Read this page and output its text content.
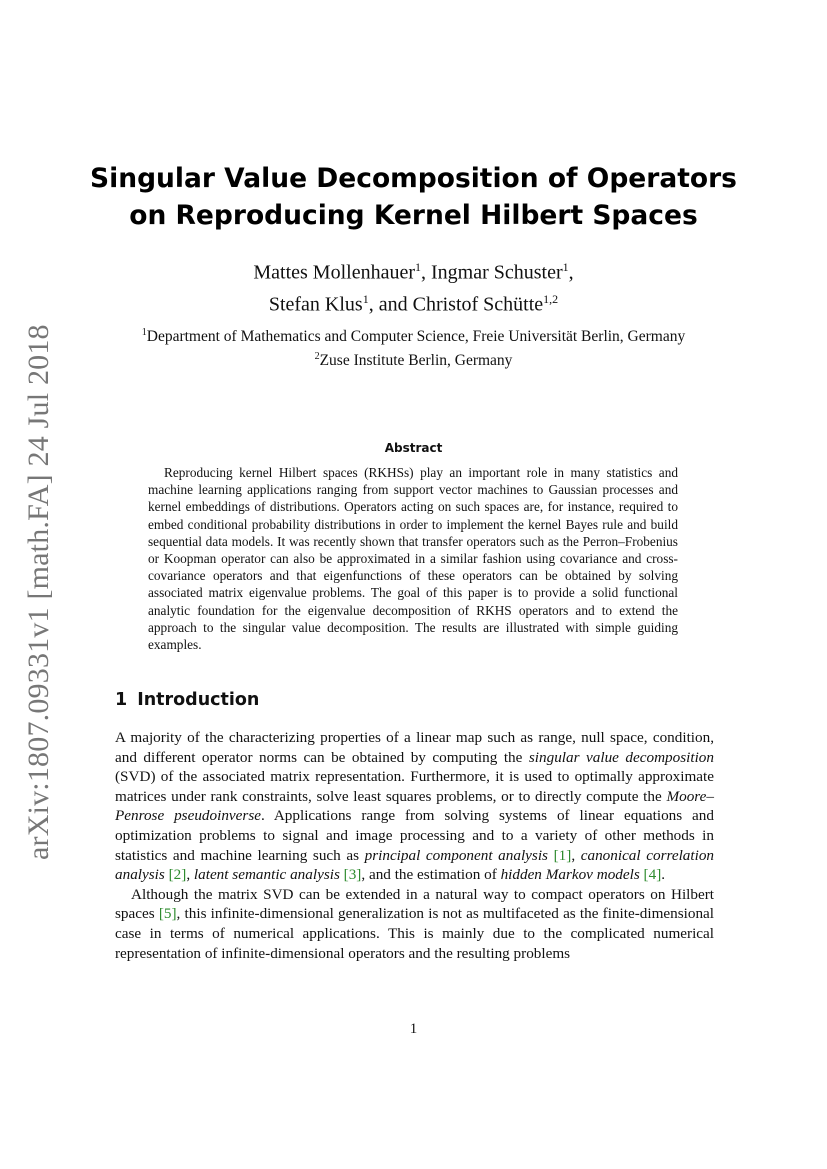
arXiv:1807.09331v1 [math.FA] 24 Jul 2018
Singular Value Decomposition of Operators
on Reproducing Kernel Hilbert Spaces
Mattes Mollenhauer$^1$, Ingmar Schuster$^1$,
Stefan Klus$^1$, and Christof Schütte$^{1,2}$
$^1$Department of Mathematics and Computer Science, Freie Universität Berlin, Germany
$^2$Zuse Institute Berlin, Germany
Abstract

Reproducing kernel Hilbert spaces (RKHSs) play an important role in many statistics and machine learning applications ranging from support vector machines to Gaussian processes and kernel embeddings of distributions. Operators acting on such spaces are, for instance, required to embed conditional probability distributions in order to implement the kernel Bayes rule and build sequential data models. It was recently shown that transfer operators such as the Perron–Frobenius or Koopman operator can also be approximated in a similar fashion using covariance and cross-covariance operators and that eigenfunctions of these operators can be obtained by solving associated matrix eigenvalue problems. The goal of this paper is to provide a solid functional analytic foundation for the eigenvalue decomposition of RKHS operators and to extend the approach to the singular value decomposition. The results are illustrated with simple guiding examples.

1 Introduction

A majority of the characterizing properties of a linear map such as range, null space, condition, and different operator norms can be obtained by computing the singular value decomposition (SVD) of the associated matrix representation. Furthermore, it is used to optimally approximate matrices under rank constraints, solve least squares problems, or to directly compute the Moore–Penrose pseudoinverse. Applications range from solving systems of linear equations and optimization problems to signal and image processing and to a variety of other methods in statistics and machine learning such as principal component analysis [1], canonical correlation analysis [2], latent semantic analysis [3], and the estimation of hidden Markov models [4].

Although the matrix SVD can be extended in a natural way to compact operators on Hilbert spaces [5], this infinite-dimensional generalization is not as multifaceted as the finite-dimensional case in terms of numerical applications. This is mainly due to the complicated numerical representation of infinite-dimensional operators and the resulting problems

1
